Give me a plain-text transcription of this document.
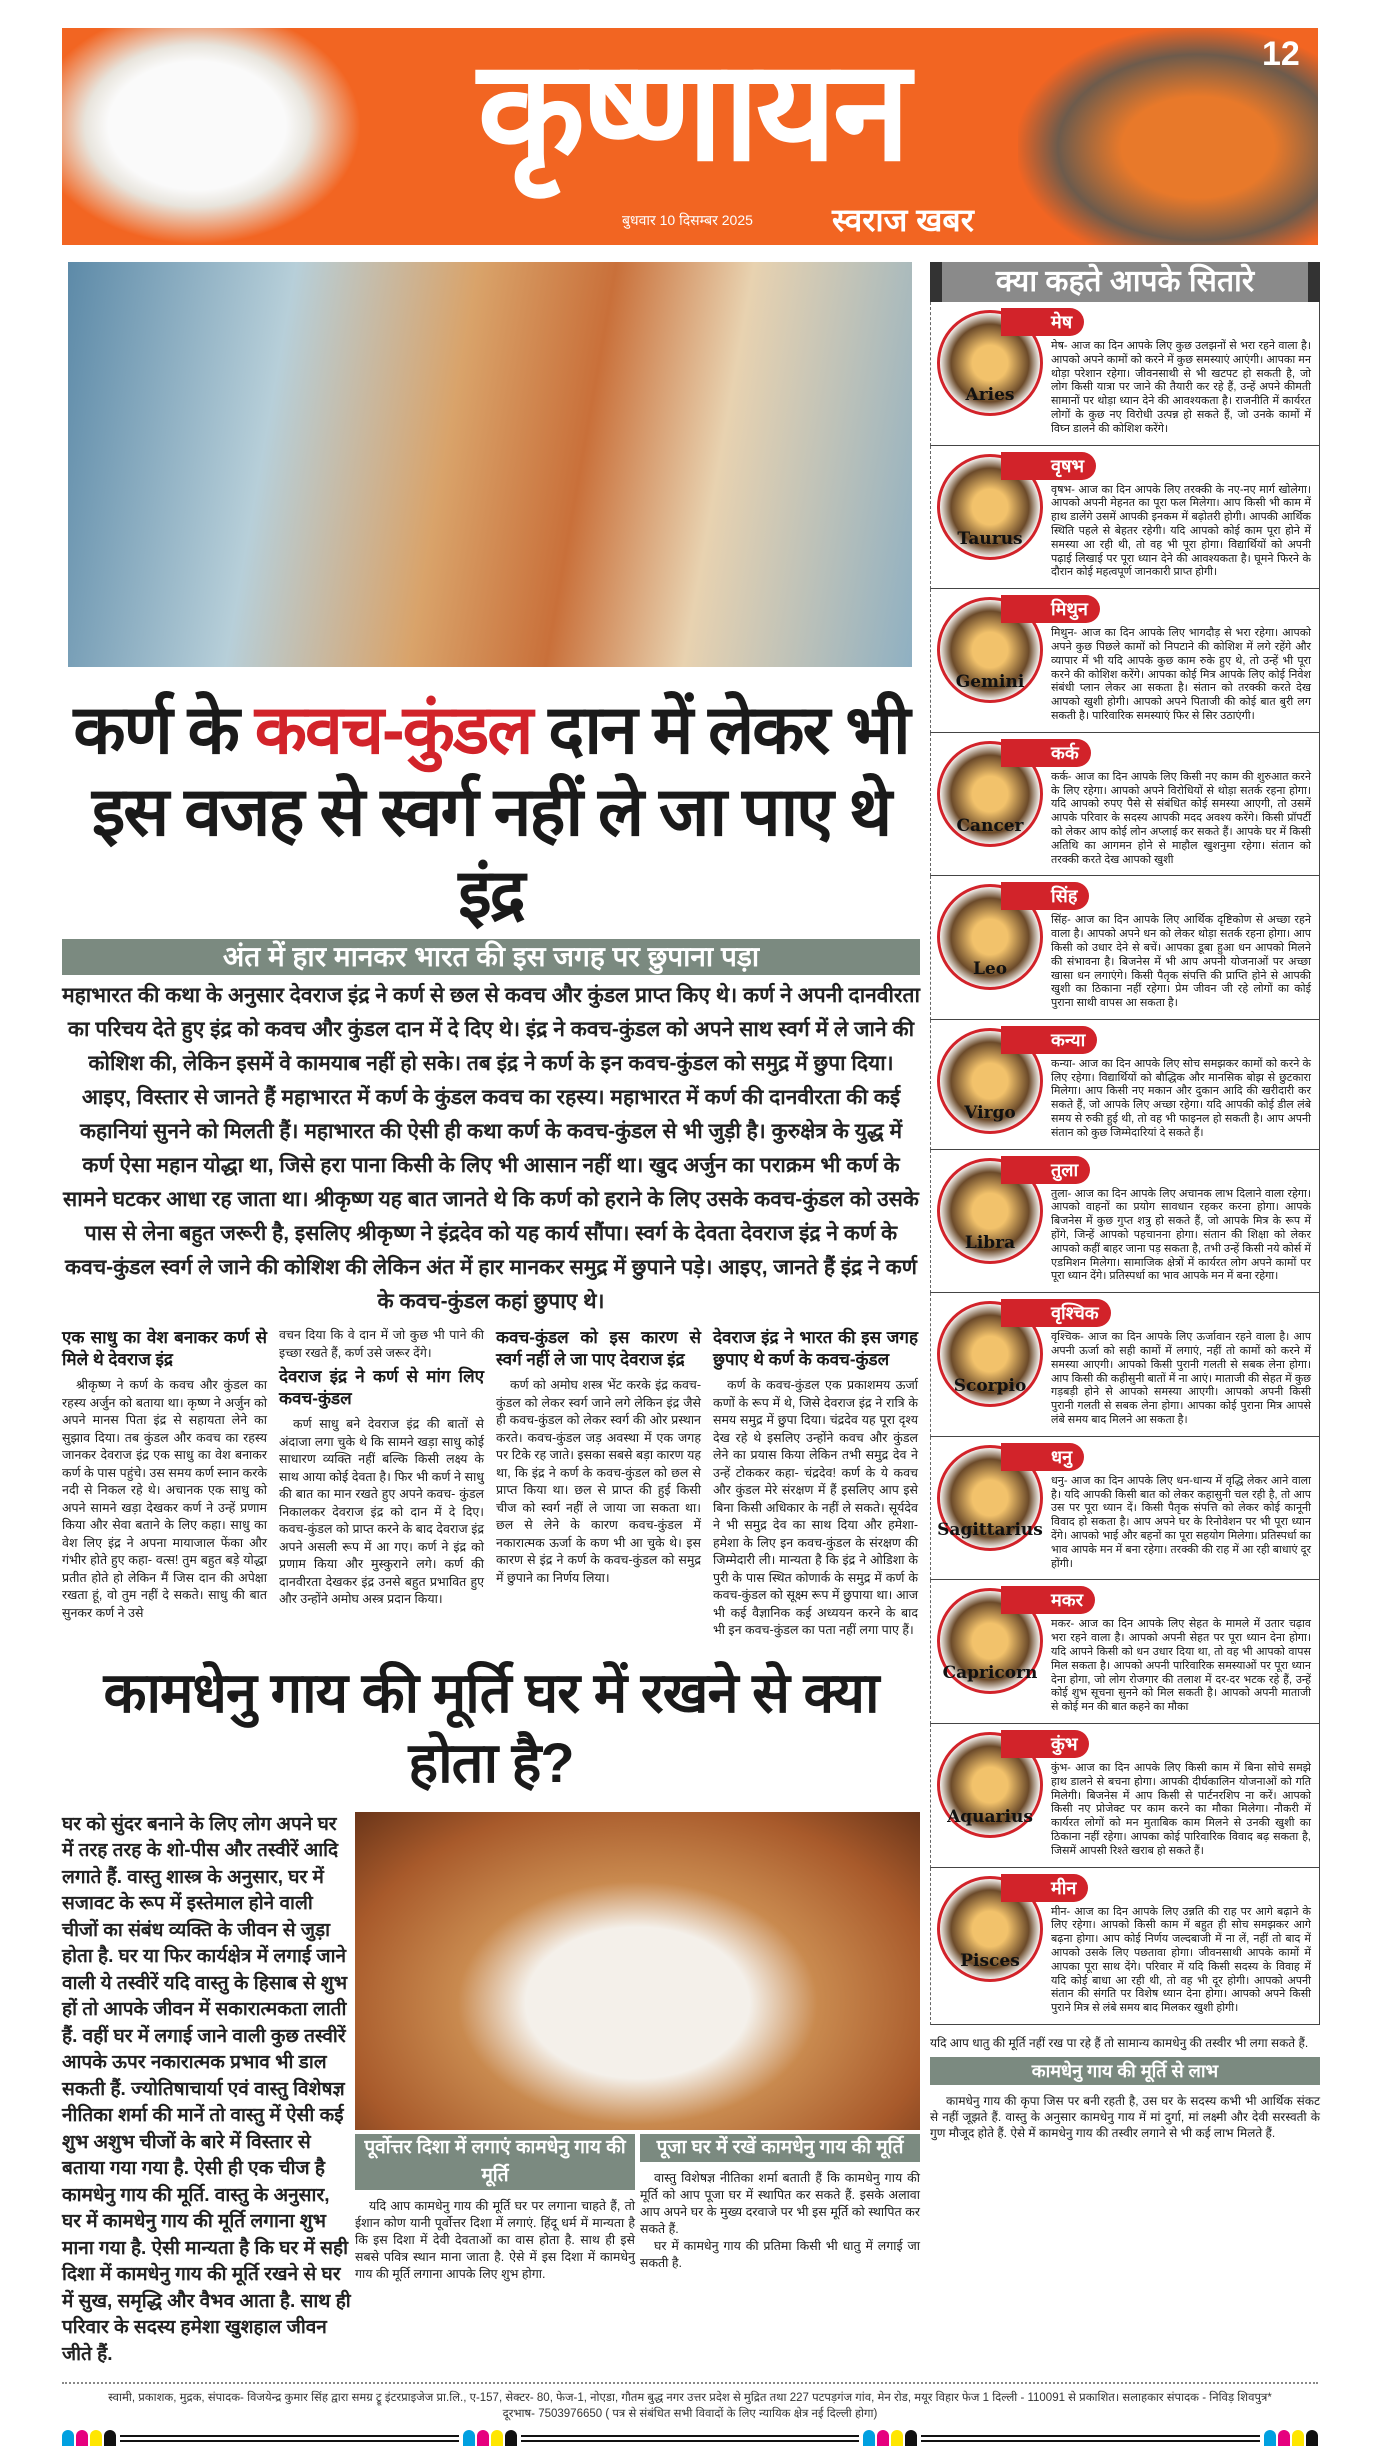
कृष्णायन
बुधवार 10 दिसम्बर 2025 स्वराज खबर
12
कर्ण के कवच-कुंडल दान में लेकर भी
इस वजह से स्वर्ग नहीं ले जा पाए थे इंद्र
अंत में हार मानकर भारत की इस जगह पर छुपाना पड़ा
महाभारत की कथा के अनुसार देवराज इंद्र ने कर्ण से छल से कवच और कुंडल प्राप्त किए थे। कर्ण ने अपनी दानवीरता का परिचय देते हुए इंद्र को कवच और कुंडल दान में दे दिए थे। इंद्र ने कवच-कुंडल को अपने साथ स्वर्ग में ले जाने की कोशिश की, लेकिन इसमें वे कामयाब नहीं हो सके। तब इंद्र ने कर्ण के इन कवच-कुंडल को समुद्र में छुपा दिया। आइए, विस्तार से जानते हैं महाभारत में कर्ण के कुंडल कवच का रहस्य। महाभारत में कर्ण की दानवीरता की कई कहानियां सुनने को मिलती हैं। महाभारत की ऐसी ही कथा कर्ण के कवच-कुंडल से भी जुड़ी है। कुरुक्षेत्र के युद्ध में कर्ण ऐसा महान योद्धा था, जिसे हरा पाना किसी के लिए भी आसान नहीं था। खुद अर्जुन का पराक्रम भी कर्ण के सामने घटकर आधा रह जाता था। श्रीकृष्ण यह बात जानते थे कि कर्ण को हराने के लिए उसके कवच-कुंडल को उसके पास से लेना बहुत जरूरी है, इसलिए श्रीकृष्ण ने इंद्रदेव को यह कार्य सौंपा। स्वर्ग के देवता देवराज इंद्र ने कर्ण के कवच-कुंडल स्वर्ग ले जाने की कोशिश की लेकिन अंत में हार मानकर समुद्र में छुपाने पड़े। आइए, जानते हैं इंद्र ने कर्ण के कवच-कुंडल कहां छुपाए थे।
एक साधु का वेश बनाकर कर्ण से मिले थे देवराज इंद्र

श्रीकृष्ण ने कर्ण के कवच और कुंडल का रहस्य अर्जुन को बताया था। कृष्ण ने अर्जुन को अपने मानस पिता इंद्र से सहायता लेने का सुझाव दिया। तब कुंडल और कवच का रहस्य जानकर देवराज इंद्र एक साधु का वेश बनाकर कर्ण के पास पहुंचे। उस समय कर्ण स्नान करके नदी से निकल रहे थे। अचानक एक साधु को अपने सामने खड़ा देखकर कर्ण ने उन्हें प्रणाम किया और सेवा बताने के लिए कहा। साधु का वेश लिए इंद्र ने अपना मायाजाल फेंका और गंभीर होते हुए कहा- वत्स! तुम बहुत बड़े योद्धा प्रतीत होते हो लेकिन मैं जिस दान की अपेक्षा रखता हूं, वो तुम नहीं दे सकते। साधु की बात सुनकर कर्ण ने उसे

वचन दिया कि वे दान में जो कुछ भी पाने की इच्छा रखते हैं, कर्ण उसे जरूर देंगे।

देवराज इंद्र ने कर्ण से मांग लिए कवच-कुंडल

कर्ण साधु बने देवराज इंद्र की बातों से अंदाजा लगा चुके थे कि सामने खड़ा साधु कोई साधारण व्यक्ति नहीं बल्कि किसी लक्ष्य के साथ आया कोई देवता है। फिर भी कर्ण ने साधु की बात का मान रखते हुए अपने कवच- कुंडल निकालकर देवराज इंद्र को दान में दे दिए। कवच-कुंडल को प्राप्त करने के बाद देवराज इंद्र अपने असली रूप में आ गए। कर्ण ने इंद्र को प्रणाम किया और मुस्कुराने लगे। कर्ण की दानवीरता देखकर इंद्र उनसे बहुत प्रभावित हुए और उन्होंने अमोघ अस्त्र प्रदान किया।

कवच-कुंडल को इस कारण से स्वर्ग नहीं ले जा पाए देवराज इंद्र

कर्ण को अमोघ शस्त्र भेंट करके इंद्र कवच-कुंडल को लेकर स्वर्ग जाने लगे लेकिन इंद्र जैसे ही कवच-कुंडल को लेकर स्वर्ग की ओर प्रस्थान करते। कवच-कुंडल जड़ अवस्था में एक जगह पर टिके रह जाते। इसका सबसे बड़ा कारण यह था, कि इंद्र ने कर्ण के कवच-कुंडल को छल से प्राप्त किया था। छल से प्राप्त की हुई किसी चीज को स्वर्ग नहीं ले जाया जा सकता था। छल से लेने के कारण कवच-कुंडल में नकारात्मक ऊर्जा के कण भी आ चुके थे। इस कारण से इंद्र ने कर्ण के कवच-कुंडल को समुद्र में छुपाने का निर्णय लिया।

देवराज इंद्र ने भारत की इस जगह छुपाए थे कर्ण के कवच-कुंडल

कर्ण के कवच-कुंडल एक प्रकाशमय ऊर्जा कणों के रूप में थे, जिसे देवराज इंद्र ने रात्रि के समय समुद्र में छुपा दिया। चंद्रदेव यह पूरा दृश्य देख रहे थे इसलिए उन्होंने कवच और कुंडल लेने का प्रयास किया लेकिन तभी समुद्र देव ने उन्हें टोककर कहा- चंद्रदेव! कर्ण के ये कवच और कुंडल मेरे संरक्षण में हैं इसलिए आप इसे बिना किसी अधिकार के नहीं ले सकते। सूर्यदेव ने भी समुद्र देव का साथ दिया और हमेशा-हमेशा के लिए इन कवच-कुंडल के संरक्षण की जिम्मेदारी ली। मान्यता है कि इंद्र ने ओडिशा के पुरी के पास स्थित कोणार्क के समुद्र में कर्ण के कवच-कुंडल को सूक्ष्म रूप में छुपाया था। आज भी कई वैज्ञानिक कई अध्ययन करने के बाद भी इन कवच-कुंडल का पता नहीं लगा पाए हैं।

कामधेनु गाय की मूर्ति घर में रखने से क्या होता है?
घर को सुंदर बनाने के लिए लोग अपने घर में तरह तरह के शो-पीस और तस्वीरें आदि लगाते हैं. वास्तु शास्त्र के अनुसार, घर में सजावट के रूप में इस्तेमाल होने वाली चीजों का संबंध व्यक्ति के जीवन से जुड़ा होता है. घर या फिर कार्यक्षेत्र में लगाई जाने वाली ये तस्वीरें यदि वास्तु के हिसाब से शुभ हों तो आपके जीवन में सकारात्मकता लाती हैं. वहीं घर में लगाई जाने वाली कुछ तस्वीरें आपके ऊपर नकारात्मक प्रभाव भी डाल सकती हैं. ज्योतिषाचार्या एवं वास्तु विशेषज्ञ नीतिका शर्मा की मानें तो वास्तु में ऐसी कई शुभ अशुभ चीजों के बारे में विस्तार से बताया गया गया है. ऐसी ही एक चीज है कामधेनु गाय की मूर्ति. वास्तु के अनुसार, घर में कामधेनु गाय की मूर्ति लगाना शुभ माना गया है. ऐसी मान्यता है कि घर में सही दिशा में कामधेनु गाय की मूर्ति रखने से घर में सुख, समृद्धि और वैभव आता है. साथ ही परिवार के सदस्य हमेशा खुशहाल जीवन जीते हैं.
पूर्वोत्तर दिशा में लगाएं कामधेनु गाय की मूर्ति
यदि आप कामधेनु गाय की मूर्ति घर पर लगाना चाहते हैं, तो ईशान कोण यानी पूर्वोत्तर दिशा में लगाएं. हिंदू धर्म में मान्यता है कि इस दिशा में देवी देवताओं का वास होता है. साथ ही इसे सबसे पवित्र स्थान माना जाता है. ऐसे में इस दिशा में कामधेनु गाय की मूर्ति लगाना आपके लिए शुभ होगा.
पूजा घर में रखें कामधेनु गाय की मूर्ति

वास्तु विशेषज्ञ नीतिका शर्मा बताती हैं कि कामधेनु गाय की मूर्ति को आप पूजा घर में स्थापित कर सकते हैं. इसके अलावा आप अपने घर के मुख्य दरवाजे पर भी इस मूर्ति को स्थापित कर सकते हैं.

घर में कामधेनु गाय की प्रतिमा किसी भी धातु में लगाई जा सकती है.

क्या कहते आपके सितारे
Aries
मेष
मेष- आज का दिन आपके लिए कुछ उलझनों से भरा रहने वाला है। आपको अपने कामों को करने में कुछ समस्याएं आएंगी। आपका मन थोड़ा परेशान रहेगा। जीवनसाथी से भी खटपट हो सकती है, जो लोग किसी यात्रा पर जाने की तैयारी कर रहे हैं, उन्हें अपने कीमती सामानों पर थोड़ा ध्यान देने की आवश्यकता है। राजनीति में कार्यरत लोगों के कुछ नए विरोधी उत्पन्न हो सकते हैं, जो उनके कामों में विघ्न डालने की कोशिश करेंगे।
Taurus
वृषभ
वृषभ- आज का दिन आपके लिए तरक्की के नए-नए मार्ग खोलेगा। आपको अपनी मेहनत का पूरा फल मिलेगा। आप किसी भी काम में हाथ डालेंगे उसमें आपकी इनकम में बढ़ोतरी होगी। आपकी आर्थिक स्थिति पहले से बेहतर रहेगी। यदि आपको कोई काम पूरा होने में समस्या आ रही थी, तो वह भी पूरा होगा। विद्यार्थियों को अपनी पढ़ाई लिखाई पर पूरा ध्यान देने की आवश्यकता है। घूमने फिरने के दौरान कोई महत्वपूर्ण जानकारी प्राप्त होगी।
Gemini
मिथुन
मिथुन- आज का दिन आपके लिए भागदौड़ से भरा रहेगा। आपको अपने कुछ पिछले कामों को निपटाने की कोशिश में लगे रहेंगे और व्यापार में भी यदि आपके कुछ काम रुके हुए थे, तो उन्हें भी पूरा करने की कोशिश करेंगे। आपका कोई मित्र आपके लिए कोई निवेश संबंधी प्लान लेकर आ सकता है। संतान को तरक्की करते देख आपको खुशी होगी। आपको अपने पिताजी की कोई बात बुरी लग सकती है। पारिवारिक समस्याएं फिर से सिर उठाएंगी।
Cancer
कर्क
कर्क- आज का दिन आपके लिए किसी नए काम की शुरुआत करने के लिए रहेगा। आपको अपने विरोधियों से थोड़ा सतर्क रहना होगा। यदि आपको रुपए पैसे से संबंधित कोई समस्या आएगी, तो उसमें आपके परिवार के सदस्य आपकी मदद अवश्य करेंगे। किसी प्रॉपर्टी को लेकर आप कोई लोन अप्लाई कर सकते हैं। आपके घर में किसी अतिथि का आगमन होने से माहौल खुशनुमा रहेगा। संतान को तरक्की करते देख आपको खुशी
Leo
सिंह
सिंह- आज का दिन आपके लिए आर्थिक दृष्टिकोण से अच्छा रहने वाला है। आपको अपने धन को लेकर थोड़ा सतर्क रहना होगा। आप किसी को उधार देने से बचें। आपका डूबा हुआ धन आपको मिलने की संभावना है। बिजनेस में भी आप अपनी योजनाओं पर अच्छा खासा धन लगाएंगे। किसी पैतृक संपत्ति की प्राप्ति होने से आपकी खुशी का ठिकाना नहीं रहेगा। प्रेम जीवन जी रहे लोगों का कोई पुराना साथी वापस आ सकता है।
Virgo
कन्या
कन्या- आज का दिन आपके लिए सोच समझकर कामों को करने के लिए रहेगा। विद्यार्थियों को बौद्धिक और मानसिक बोझ से छुटकारा मिलेगा। आप किसी नए मकान और दुकान आदि की खरीदारी कर सकते हैं, जो आपके लिए अच्छा रहेगा। यदि आपकी कोई डील लंबे समय से रुकी हुई थी, तो वह भी फाइनल हो सकती है। आप अपनी संतान को कुछ जिम्मेदारियां दे सकते हैं।
Libra
तुला
तुला- आज का दिन आपके लिए अचानक लाभ दिलाने वाला रहेगा। आपको वाहनों का प्रयोग सावधान रहकर करना होगा। आपके बिजनेस में कुछ गुप्त शत्रु हो सकते हैं, जो आपके मित्र के रूप में होंगे, जिन्हें आपको पहचानना होगा। संतान की शिक्षा को लेकर आपको कहीं बाहर जाना पड़ सकता है, तभी उन्हें किसी नये कोर्स में एडमिशन मिलेगा। सामाजिक क्षेत्रों में कार्यरत लोग अपने कामों पर पूरा ध्यान देंगे। प्रतिस्पर्धा का भाव आपके मन में बना रहेगा।
Scorpio
वृश्चिक
वृश्चिक- आज का दिन आपके लिए ऊर्जावान रहने वाला है। आप अपनी ऊर्जा को सही कामों में लगाएं, नहीं तो कामों को करने में समस्या आएगी। आपको किसी पुरानी गलती से सबक लेना होगा। आप किसी की कहीसुनी बातों में ना आएं। माताजी की सेहत में कुछ गड़बड़ी होने से आपको समस्या आएगी। आपको अपनी किसी पुरानी गलती से सबक लेना होगा। आपका कोई पुराना मित्र आपसे लंबे समय बाद मिलने आ सकता है।
Sagittarius
धनु
धनु- आज का दिन आपके लिए धन-धान्य में वृद्धि लेकर आने वाला है। यदि आपकी किसी बात को लेकर कहासुनी चल रही है, तो आप उस पर पूरा ध्यान दें। किसी पैतृक संपत्ति को लेकर कोई कानूनी विवाद हो सकता है। आप अपने घर के रिनोवेशन पर भी पूरा ध्यान देंगे। आपको भाई और बहनों का पूरा सहयोग मिलेगा। प्रतिस्पर्धा का भाव आपके मन में बना रहेगा। तरक्की की राह में आ रही बाधाएं दूर होंगी।
Capricorn
मकर
मकर- आज का दिन आपके लिए सेहत के मामले में उतार चढ़ाव भरा रहने वाला है। आपको अपनी सेहत पर पूरा ध्यान देना होगा। यदि आपने किसी को धन उधार दिया था, तो वह भी आपको वापस मिल सकता है। आपको अपनी पारिवारिक समस्याओं पर पूरा ध्यान देना होगा, जो लोग रोजगार की तलाश में दर-दर भटक रहे हैं, उन्हें कोई शुभ सूचना सुनने को मिल सकती है। आपको अपनी माताजी से कोई मन की बात कहने का मौका
Aquarius
कुंभ
कुंभ- आज का दिन आपके लिए किसी काम में बिना सोचे समझे हाथ डालने से बचना होगा। आपकी दीर्घकालिन योजनाओं को गति मिलेगी। बिजनेस में आप किसी से पार्टनरशिप ना करें। आपको किसी नए प्रोजेक्ट पर काम करने का मौका मिलेगा। नौकरी में कार्यरत लोगों को मन मुताबिक काम मिलने से उनकी खुशी का ठिकाना नहीं रहेगा। आपका कोई पारिवारिक विवाद बढ़ सकता है, जिसमें आपसी रिश्ते खराब हो सकते हैं।
Pisces
मीन
मीन- आज का दिन आपके लिए उन्नति की राह पर आगे बढ़ाने के लिए रहेगा। आपको किसी काम में बहुत ही सोच समझकर आगे बढ़ना होगा। आप कोई निर्णय जल्दबाजी में ना लें, नहीं तो बाद में आपको उसके लिए पछतावा होगा। जीवनसाथी आपके कामों में आपका पूरा साथ देंगे। परिवार में यदि किसी सदस्य के विवाह में यदि कोई बाधा आ रही थी, तो वह भी दूर होगी। आपको अपनी संतान की संगति पर विशेष ध्यान देना होगा। आपको अपने किसी पुराने मित्र से लंबे समय बाद मिलकर खुशी होगी।
यदि आप धातु की मूर्ति नहीं रख पा रहे हैं तो सामान्य कामधेनु की तस्वीर भी लगा सकते हैं.
कामधेनु गाय की मूर्ति से लाभ
कामधेनु गाय की कृपा जिस पर बनी रहती है, उस घर के सदस्य कभी भी आर्थिक संकट से नहीं जूझते हैं. वास्तु के अनुसार कामधेनु गाय में मां दुर्गा, मां लक्ष्मी और देवी सरस्वती के गुण मौजूद होते हैं. ऐसे में कामधेनु गाय की तस्वीर लगाने से भी कई लाभ मिलते हैं.
स्वामी, प्रकाशक, मुद्रक, संपादक- विजयेन्द्र कुमार सिंह द्वारा समग्र ट्रू इंटरप्राइजेज प्रा.लि., ए-157, सेक्टर- 80, फेज-1, नोएडा, गौतम बुद्ध नगर उत्तर प्रदेश से मुद्रित तथा 227 पटपड़गंज गांव, मेन रोड, मयूर विहार फेज 1 दिल्ली - 110091 से प्रकाशित। सलाहकार संपादक - निविड़ शिवपुत्र*
दूरभाष- 7503976650 ( पत्र से संबंधित सभी विवादों के लिए न्यायिक क्षेत्र नई दिल्ली होगा)
